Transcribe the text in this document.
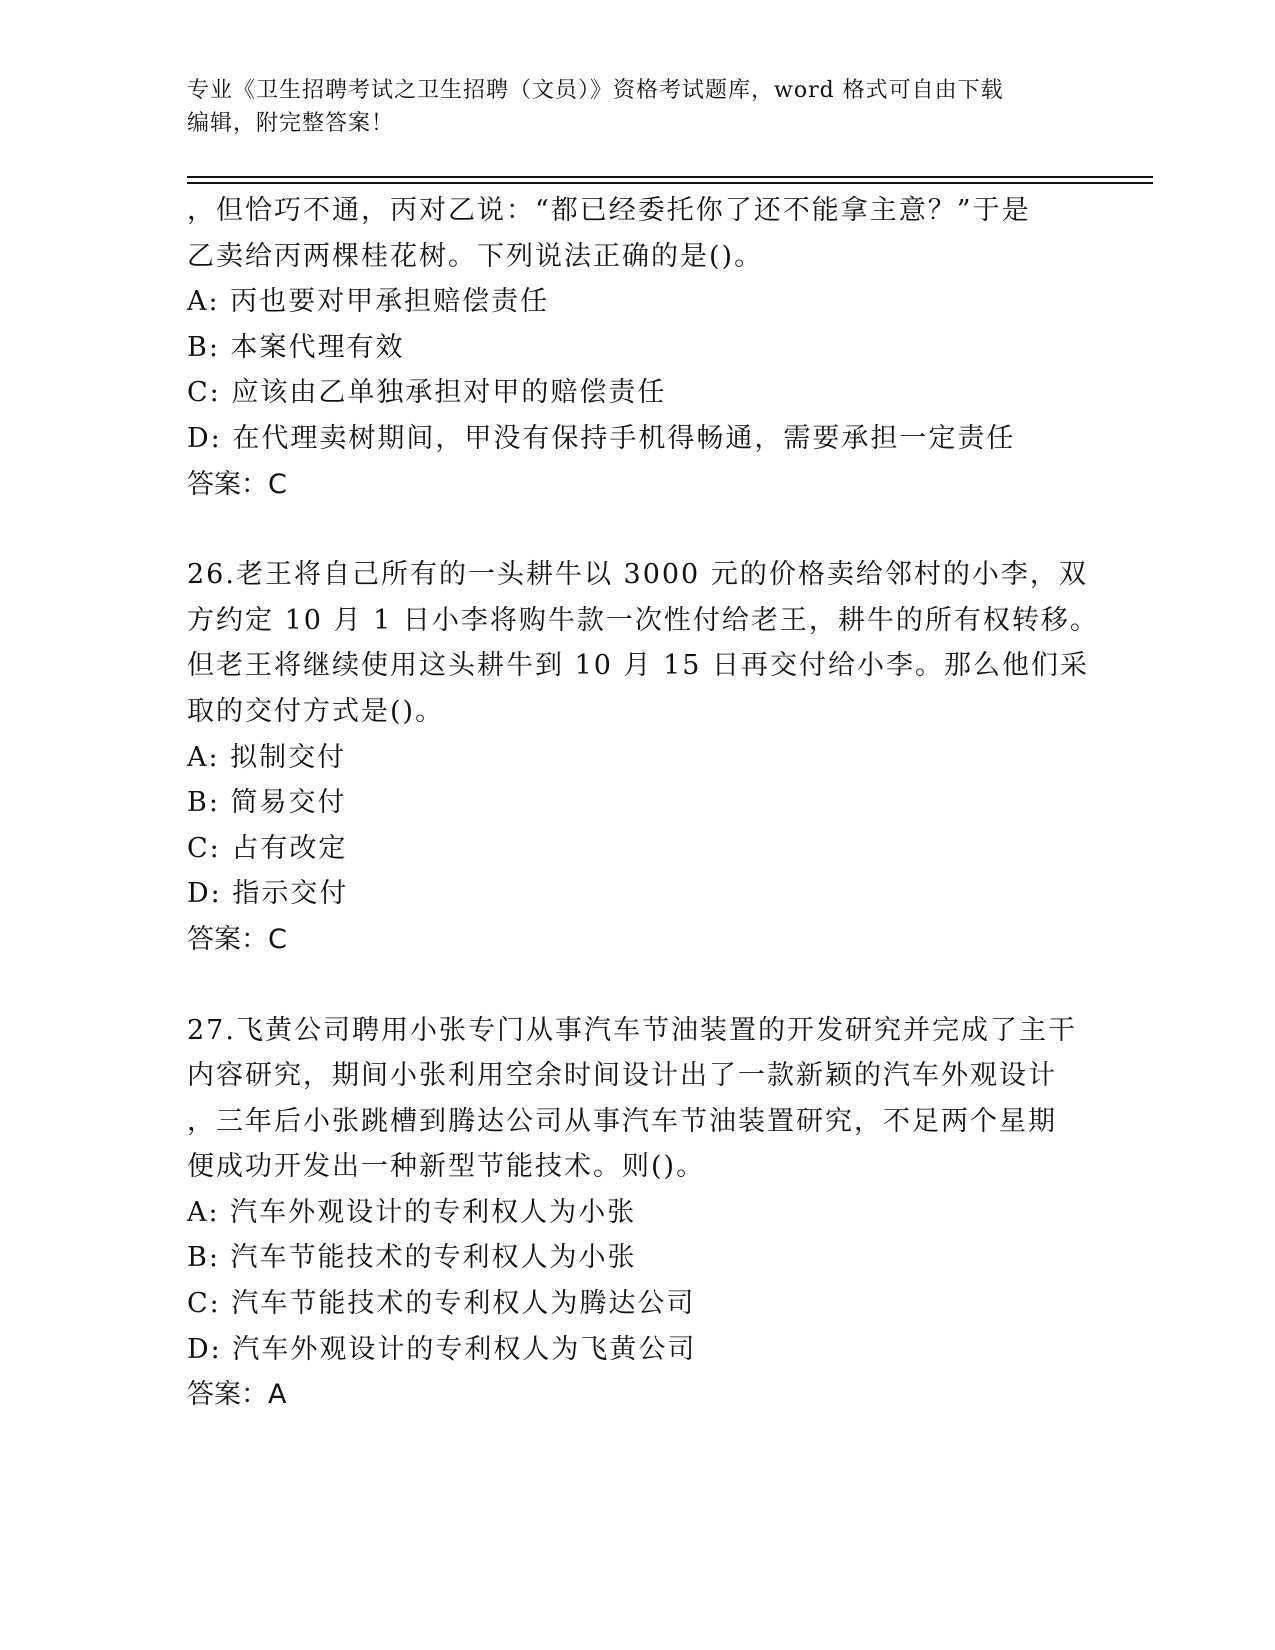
专业《卫生招聘考试之卫生招聘（文员）》资格考试题库，word 格式可自由下载
编辑，附完整答案！
，但恰巧不通，丙对乙说：“都已经委托你了还不能拿主意？”于是
乙卖给丙两棵桂花树。下列说法正确的是()。
A: 丙也要对甲承担赔偿责任
B: 本案代理有效
C: 应该由乙单独承担对甲的赔偿责任
D: 在代理卖树期间，甲没有保持手机得畅通，需要承担一定责任
答案：C
26.老王将自己所有的一头耕牛以 3000 元的价格卖给邻村的小李，双
方约定 10 月 1 日小李将购牛款一次性付给老王，耕牛的所有权转移。
但老王将继续使用这头耕牛到 10 月 15 日再交付给小李。那么他们采
取的交付方式是()。
A: 拟制交付
B: 简易交付
C: 占有改定
D: 指示交付
答案：C
27.飞黄公司聘用小张专门从事汽车节油装置的开发研究并完成了主干
内容研究，期间小张利用空余时间设计出了一款新颖的汽车外观设计
，三年后小张跳槽到腾达公司从事汽车节油装置研究，不足两个星期
便成功开发出一种新型节能技术。则()。
A: 汽车外观设计的专利权人为小张
B: 汽车节能技术的专利权人为小张
C: 汽车节能技术的专利权人为腾达公司
D: 汽车外观设计的专利权人为飞黄公司
答案：A
